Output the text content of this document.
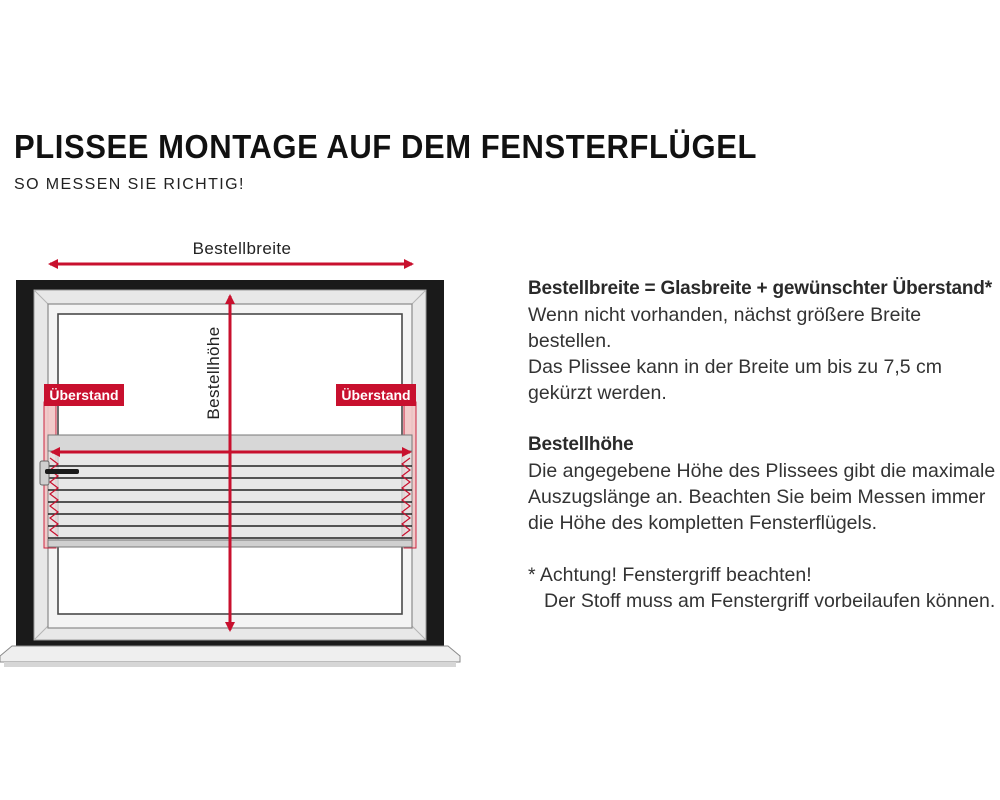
PLISSEE MONTAGE AUF DEM FENSTERFLÜGEL

SO MESSEN SIE RICHTIG!

Bestellbreite
Bestellhöhe
Überstand	Überstand

Bestellbreite = Glasbreite + gewünschter Überstand*

Wenn nicht vorhanden, nächst größere Breite bestellen.

Das Plissee kann in der Breite um bis zu 7,5 cm gekürzt werden.

Bestellhöhe

Die angegebene Höhe des Plissees gibt die maximale Auszugslänge an. Beachten Sie beim Messen immer die Höhe des kompletten Fensterflügels.

* Achtung! Fenstergriff beachten!

Der Stoff muss am Fenstergriff vorbeilaufen können.
